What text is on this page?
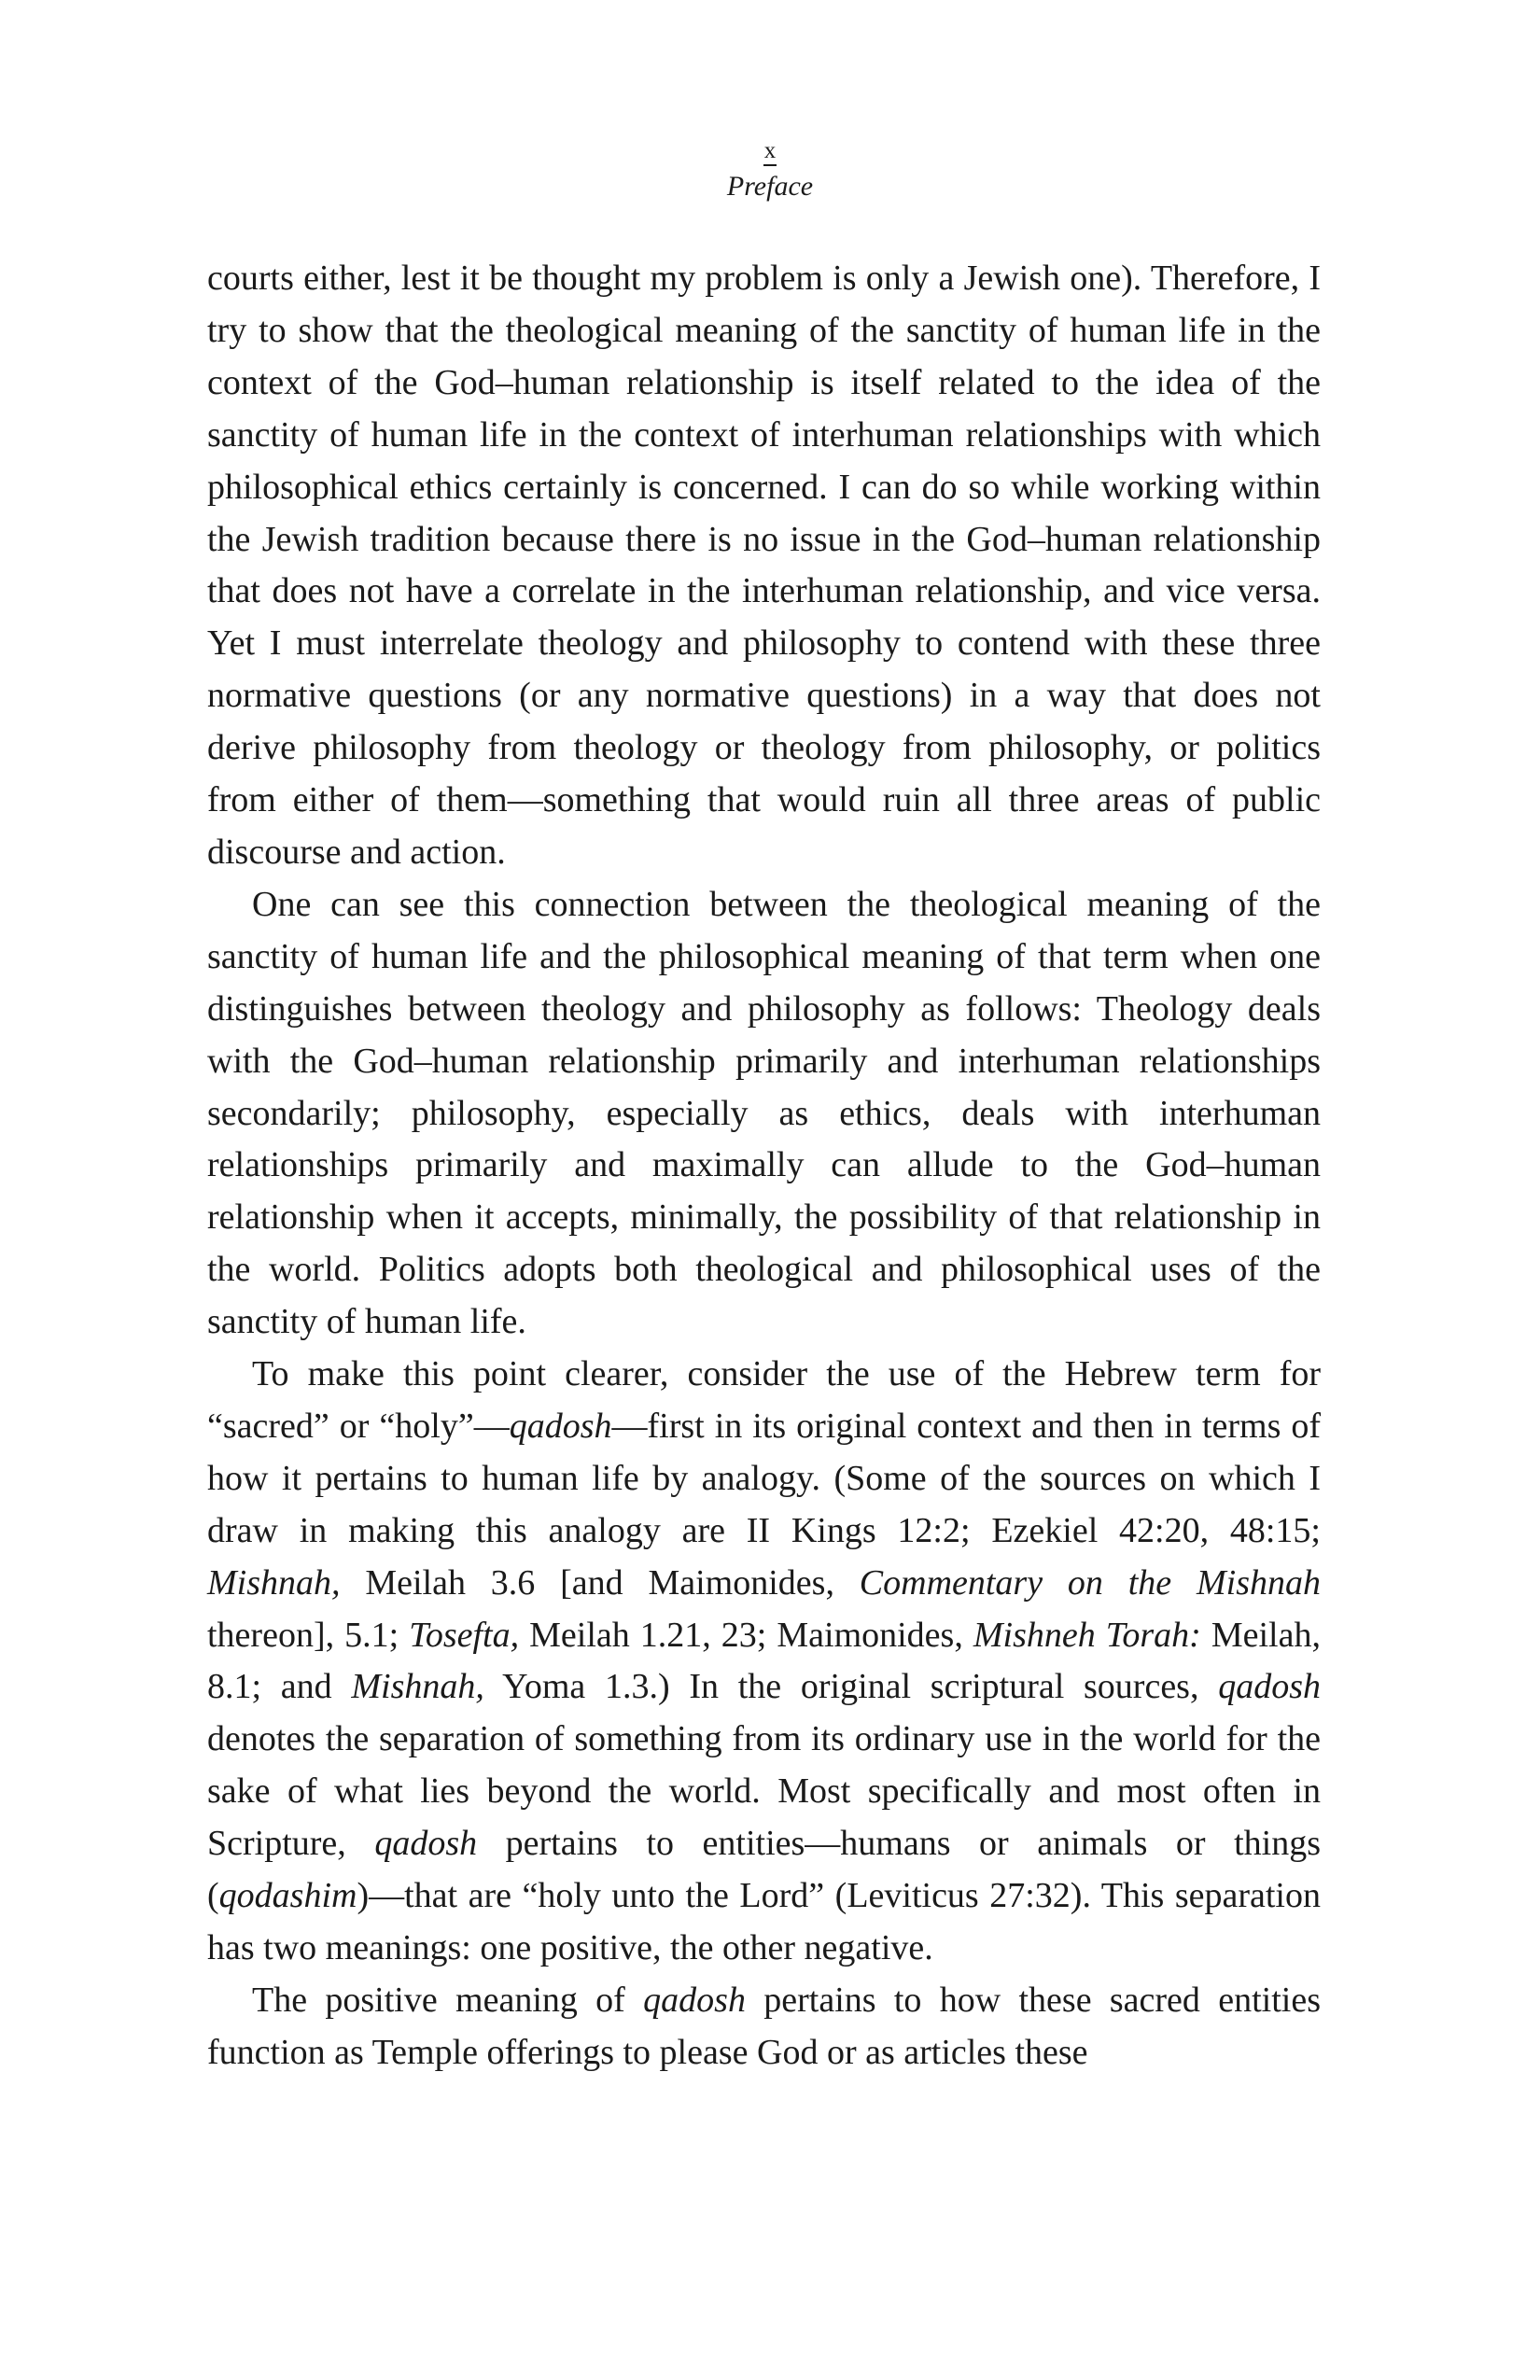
x
Preface

courts either, lest it be thought my problem is only a Jewish one). Therefore, I try to show that the theological meaning of the sanctity of human life in the context of the God–human relationship is itself related to the idea of the sanctity of human life in the context of interhuman relationships with which philosophical ethics certainly is concerned. I can do so while working within the Jewish tradition because there is no issue in the God–human relationship that does not have a correlate in the interhuman relationship, and vice versa. Yet I must interrelate theology and philosophy to contend with these three normative questions (or any normative questions) in a way that does not derive philosophy from theology or theology from philosophy, or politics from either of them—something that would ruin all three areas of public discourse and action.

One can see this connection between the theological meaning of the sanctity of human life and the philosophical meaning of that term when one distinguishes between theology and philosophy as follows: Theology deals with the God–human relationship primarily and interhuman relationships secondarily; philosophy, especially as ethics, deals with interhuman relationships primarily and maximally can allude to the God–human relationship when it accepts, minimally, the possibility of that relationship in the world. Politics adopts both theological and philosophical uses of the sanctity of human life.

To make this point clearer, consider the use of the Hebrew term for “sacred” or “holy”—qadosh—first in its original context and then in terms of how it pertains to human life by analogy. (Some of the sources on which I draw in making this analogy are II Kings 12:2; Ezekiel 42:20, 48:15; Mishnah, Meilah 3.6 [and Maimonides, Commentary on the Mishnah thereon], 5.1; Tosefta, Meilah 1.21, 23; Maimonides, Mishneh Torah: Meilah, 8.1; and Mishnah, Yoma 1.3.) In the original scriptural sources, qadosh denotes the separation of something from its ordinary use in the world for the sake of what lies beyond the world. Most specifically and most often in Scripture, qadosh pertains to entities—humans or animals or things (qodashim)—that are “holy unto the Lord” (Leviticus 27:32). This separation has two meanings: one positive, the other negative.

The positive meaning of qadosh pertains to how these sacred entities function as Temple offerings to please God or as articles these
